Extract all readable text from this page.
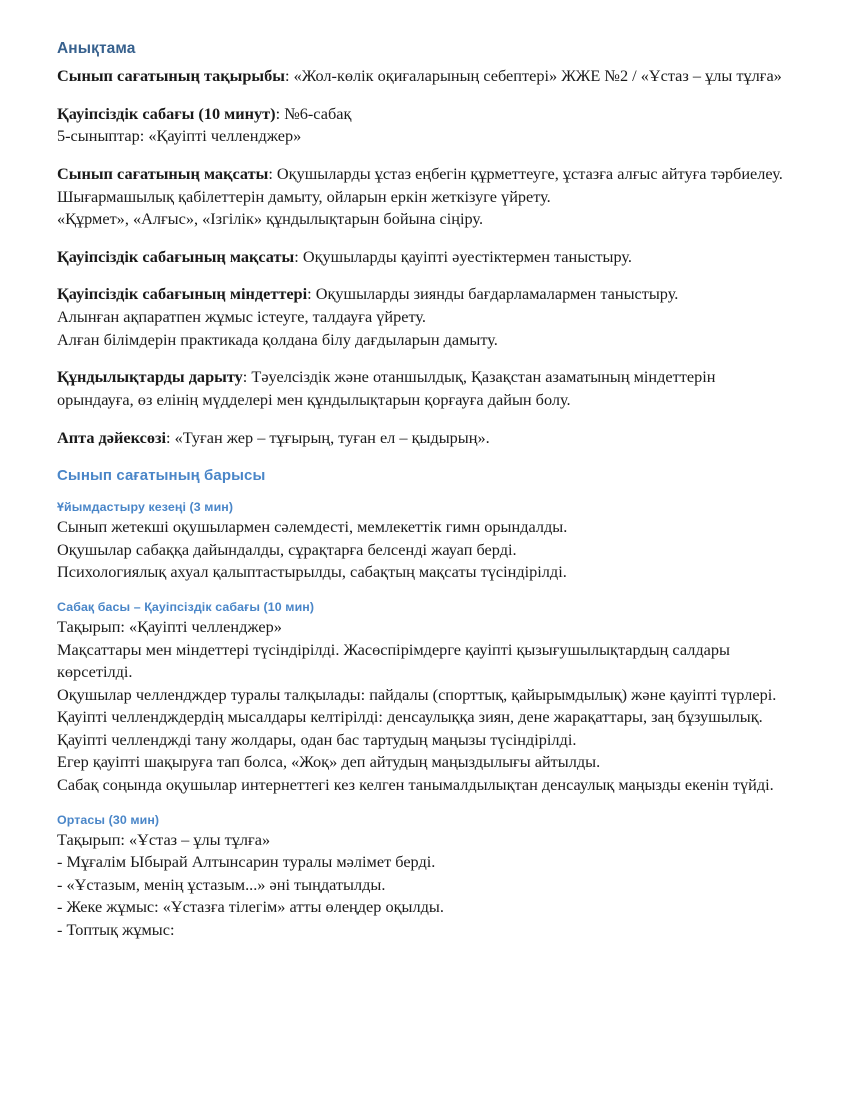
Анықтама

Сынып сағатының тақырыбы: «Жол-көлік оқиғаларының себептері» ЖЖЕ №2 / «Ұстаз – ұлы тұлға»

Қауіпсіздік сабағы (10 минут): №6-сабақ

5-сыныптар: «Қауіпті челленджер»

Сынып сағатының мақсаты: Оқушыларды ұстаз еңбегін құрметтеуге, ұстазға алғыс айтуға тәрбиелеу.

Шығармашылық қабілеттерін дамыту, ойларын еркін жеткізуге үйрету.

«Құрмет», «Алғыс», «Ізгілік» құндылықтарын бойына сіңіру.

Қауіпсіздік сабағының мақсаты: Оқушыларды қауіпті әуестіктермен таныстыру.

Қауіпсіздік сабағының міндеттері: Оқушыларды зиянды бағдарламалармен таныстыру.

Алынған ақпаратпен жұмыс істеуге, талдауға үйрету.

Алған білімдерін практикада қолдана білу дағдыларын дамыту.

Құндылықтарды дарыту: Тәуелсіздік және отаншылдық, Қазақстан азаматының міндеттерін орындауға, өз елінің мүдделері мен құндылықтарын қорғауға дайын болу.

Апта дәйексөзі: «Туған жер – тұғырың, туған ел – қыдырың».

Сынып сағатының барысы
Ұйымдастыру кезеңі (3 мин)

Сынып жетекші оқушылармен сәлемдесті, мемлекеттік гимн орындалды.

Оқушылар сабаққа дайындалды, сұрақтарға белсенді жауап берді.

Психологиялық ахуал қалыптастырылды, сабақтың мақсаты түсіндірілді.

Сабақ басы – Қауіпсіздік сабағы (10 мин)

Тақырып: «Қауіпті челленджер»

Мақсаттары мен міндеттері түсіндірілді. Жасөспірімдерге қауіпті қызығушылықтардың салдары көрсетілді.

Оқушылар челлендждер туралы талқылады: пайдалы (спорттық, қайырымдылық) және қауіпті түрлері.

Қауіпті челлендждердің мысалдары келтірілді: денсаулыққа зиян, дене жарақаттары, заң бұзушылық.

Қауіпті челленджді тану жолдары, одан бас тартудың маңызы түсіндірілді.

Егер қауіпті шақыруға тап болса, «Жоқ» деп айтудың маңыздылығы айтылды.

Сабақ соңында оқушылар интернеттегі кез келген танымалдылықтан денсаулық маңызды екенін түйді.

Ортасы (30 мин)

Тақырып: «Ұстаз – ұлы тұлға»

- Мұғалім Ыбырай Алтынсарин туралы мәлімет берді.

- «Ұстазым, менің ұстазым...» әні тыңдатылды.

- Жеке жұмыс: «Ұстазға тілегім» атты өлеңдер оқылды.

- Топтық жұмыс:
